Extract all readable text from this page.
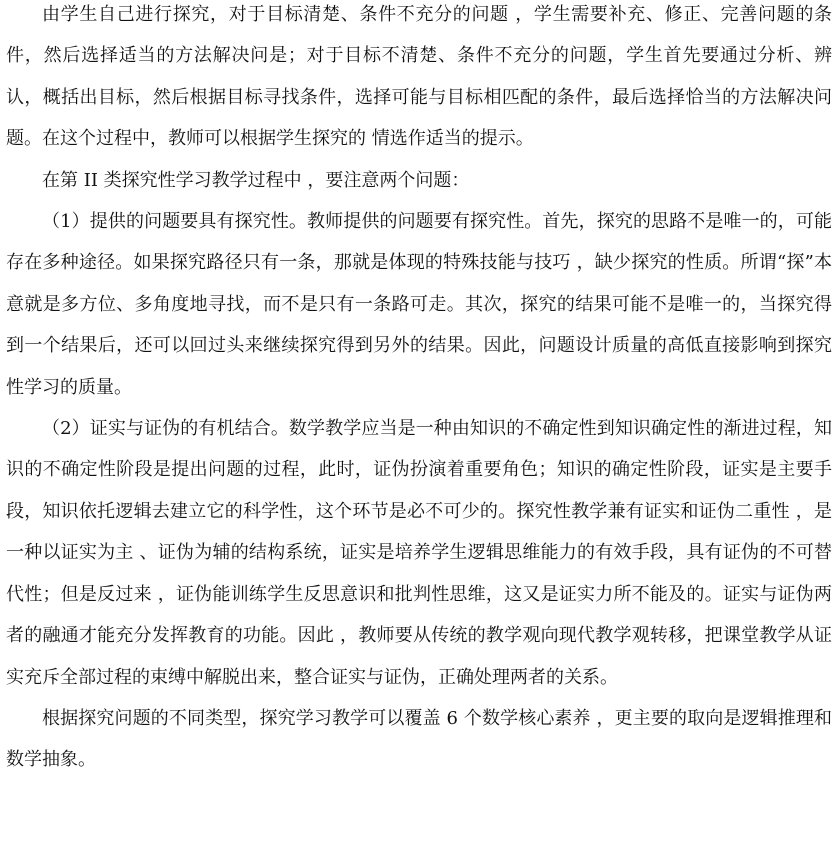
由学生自己进行探究，对于目标清楚、条件不充分的问题 ，学生需要补充、修正、完善问题的条件，然后选择适当的方法解决问是；对于目标不清楚、条件不充分的问题，学生首先要通过分析、辨认，概括出目标，然后根据目标寻找条件，选择可能与目标相匹配的条件，最后选择恰当的方法解决问题。在这个过程中，教师可以根据学生探究的 情选作适当的提示。

在第 II 类探究性学习教学过程中 ，要注意两个问题：

（1）提供的问题要具有探究性。教师提供的问题要有探究性。首先，探究的思路不是唯一的，可能存在多种途径。如果探究路径只有一条，那就是体现的特殊技能与技巧 ，缺少探究的性质。所谓“探”本意就是多方位、多角度地寻找，而不是只有一条路可走。其次，探究的结果可能不是唯一的，当探究得到一个结果后，还可以回过头来继续探究得到另外的结果。因此，问题设计质量的高低直接影响到探究性学习的质量。

（2）证实与证伪的有机结合。数学教学应当是一种由知识的不确定性到知识确定性的渐进过程，知识的不确定性阶段是提出问题的过程，此时，证伪扮演着重要角色；知识的确定性阶段，证实是主要手段，知识依托逻辑去建立它的科学性，这个环节是必不可少的。探究性教学兼有证实和证伪二重性 ，是一种以证实为主 、证伪为辅的结构系统，证实是培养学生逻辑思维能力的有效手段，具有证伪的不可替代性；但是反过来 ，证伪能训练学生反思意识和批判性思维，这又是证实力所不能及的。证实与证伪两者的融通才能充分发挥教育的功能。因此 ，教师要从传统的教学观向现代教学观转移，把课堂教学从证实充斥全部过程的束缚中解脱出来，整合证实与证伪，正确处理两者的关系。

根据探究问题的不同类型，探究学习教学可以覆盖 6 个数学核心素养 ，更主要的取向是逻辑推理和数学抽象。
